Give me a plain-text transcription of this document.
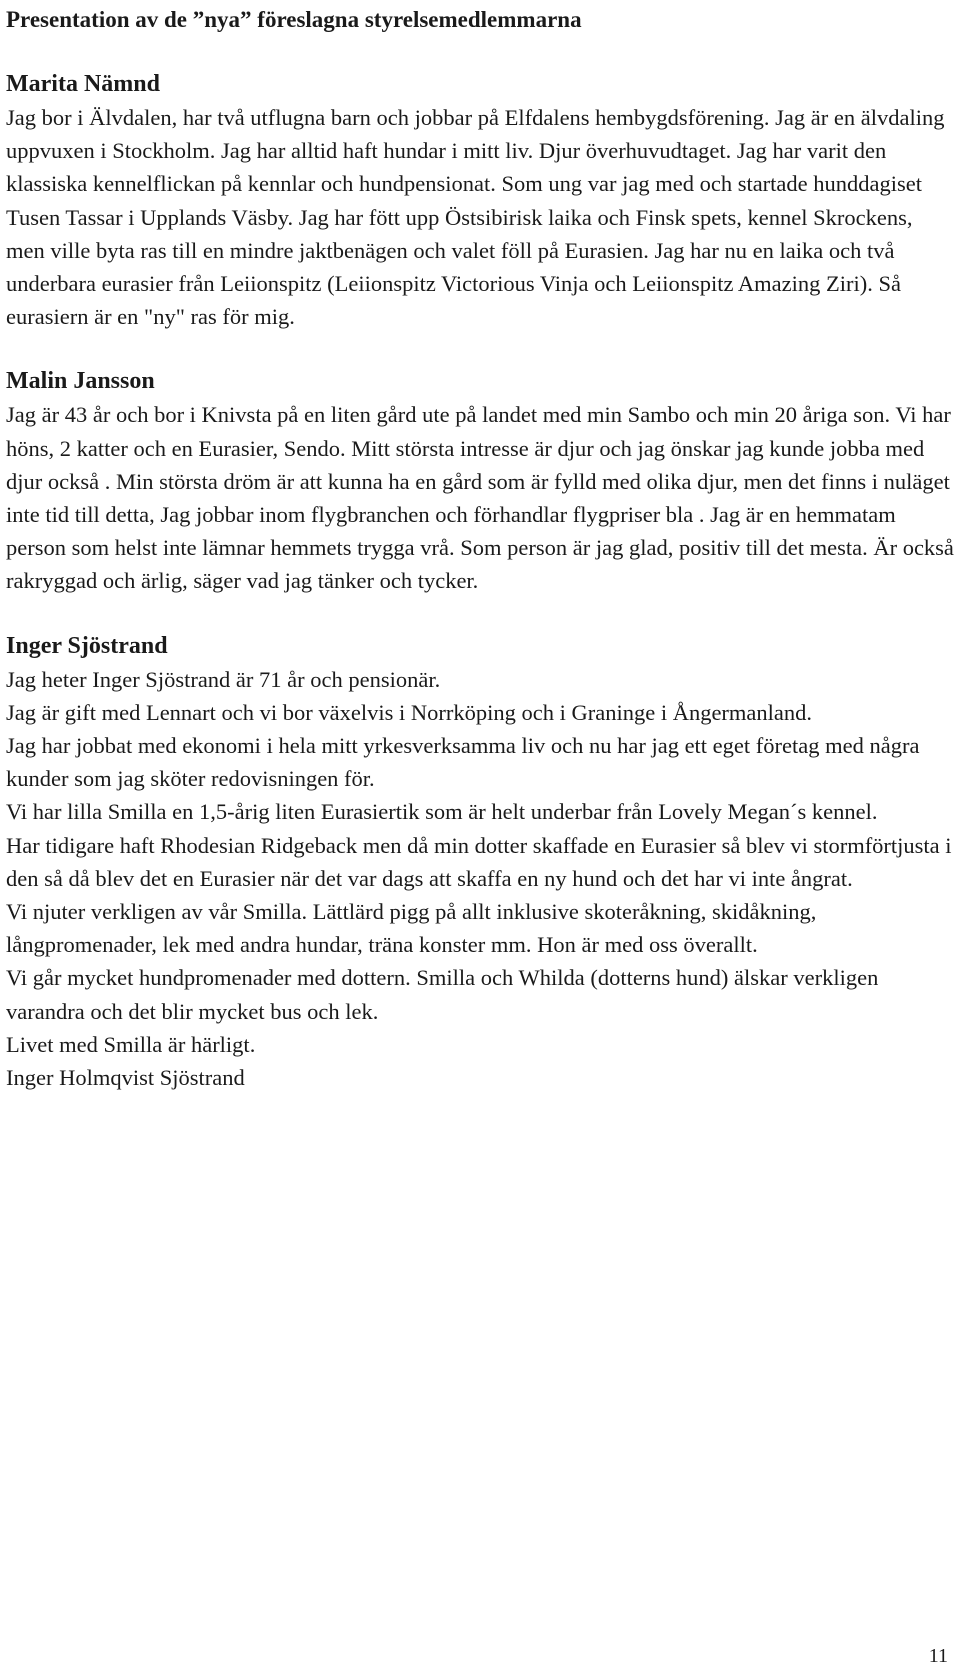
Presentation av de ”nya” föreslagna styrelsemedlemmarna
Marita Nämnd

Jag bor i Älvdalen, har två utflugna barn och jobbar på Elfdalens hembygdsförening. Jag är en älvdaling uppvuxen i Stockholm. Jag har alltid haft hundar i mitt liv. Djur överhuvudtaget. Jag har varit den klassiska kennelflickan på kennlar och hundpensionat. Som ung var jag med och startade hunddagiset Tusen Tassar i Upplands Väsby. Jag har fött upp Östsibirisk laika och Finsk spets, kennel Skrockens, men ville byta ras till en mindre jaktbenägen och valet föll på Eurasien. Jag har nu en laika och två underbara eurasier från Leiionspitz (Leiionspitz Victorious Vinja och Leiionspitz Amazing Ziri). Så eurasiern är en "ny" ras för mig.

Malin Jansson

Jag är 43 år och bor i Knivsta på en liten gård ute på landet med min Sambo och min 20 åriga son. Vi har höns, 2 katter och en Eurasier, Sendo. Mitt största intresse är djur och jag önskar jag kunde jobba med djur också . Min största dröm är att kunna ha en gård som är fylld med olika djur, men det finns i nuläget inte tid till detta, Jag jobbar inom flygbranchen och förhandlar flygpriser bla . Jag är en hemmatam person som helst inte lämnar hemmets trygga vrå. Som person är jag glad, positiv till det mesta. Är också rakryggad och ärlig, säger vad jag tänker och tycker.

Inger Sjöstrand

Jag heter Inger Sjöstrand är 71 år och pensionär.

Jag är gift med Lennart och vi bor växelvis i Norrköping och i Graninge i Ångermanland.

Jag har jobbat med ekonomi i hela mitt yrkesverksamma liv och nu har jag ett eget företag med några kunder som jag sköter redovisningen för.

Vi har lilla Smilla en 1,5-årig liten Eurasiertik som är helt underbar från Lovely Megan´s kennel.

Har tidigare haft Rhodesian Ridgeback men då min dotter skaffade en Eurasier så blev vi stormförtjusta i den så då blev det en Eurasier när det var dags att skaffa en ny hund och det har vi inte ångrat.

Vi njuter verkligen av vår Smilla. Lättlärd pigg på allt inklusive skoteråkning, skidåkning, långpromenader, lek med andra hundar, träna konster mm. Hon är med oss överallt.

Vi går mycket hundpromenader med dottern. Smilla och Whilda (dotterns hund) älskar verkligen varandra och det blir mycket bus och lek.

Livet med Smilla är härligt.

Inger Holmqvist Sjöstrand

11
